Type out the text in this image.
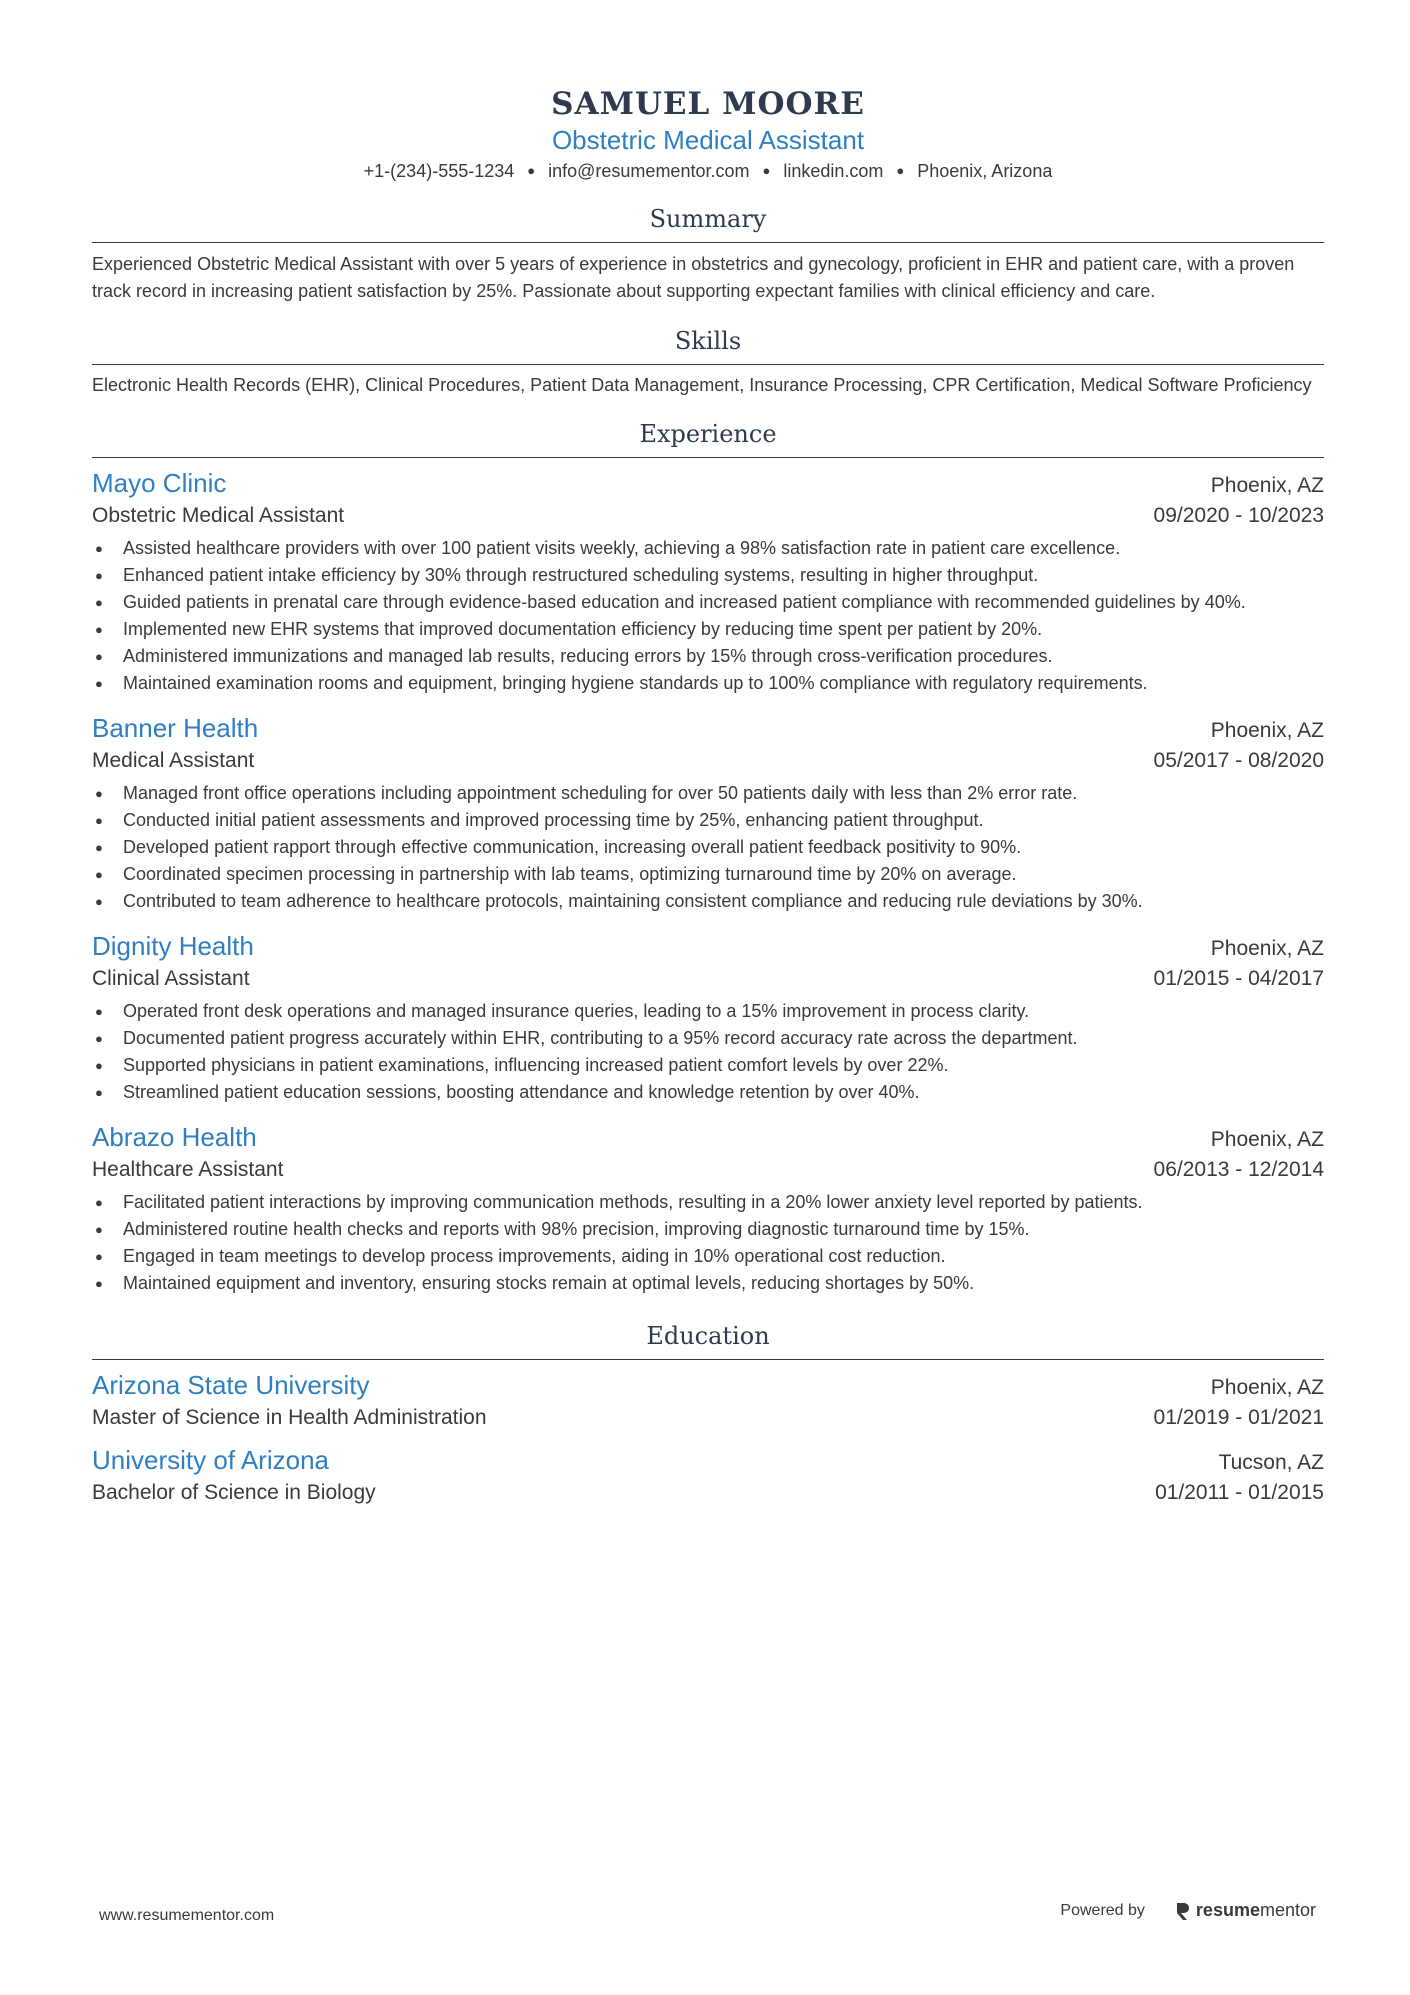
SAMUEL MOORE
Obstetric Medical Assistant
+1-(234)-555-1234 ● info@resumementor.com ● linkedin.com ● Phoenix, Arizona
Summary
Experienced Obstetric Medical Assistant with over 5 years of experience in obstetrics and gynecology, proficient in EHR and patient care, with a proven track record in increasing patient satisfaction by 25%. Passionate about supporting expectant families with clinical efficiency and care.
Skills
Electronic Health Records (EHR), Clinical Procedures, Patient Data Management, Insurance Processing, CPR Certification, Medical Software Proficiency
Experience
Mayo Clinic	Phoenix, AZ
Obstetric Medical Assistant	09/2020 - 10/2023
● Assisted healthcare providers with over 100 patient visits weekly, achieving a 98% satisfaction rate in patient care excellence.
● Enhanced patient intake efficiency by 30% through restructured scheduling systems, resulting in higher throughput.
● Guided patients in prenatal care through evidence-based education and increased patient compliance with recommended guidelines by 40%.
● Implemented new EHR systems that improved documentation efficiency by reducing time spent per patient by 20%.
● Administered immunizations and managed lab results, reducing errors by 15% through cross-verification procedures.
● Maintained examination rooms and equipment, bringing hygiene standards up to 100% compliance with regulatory requirements.
Banner Health	Phoenix, AZ
Medical Assistant	05/2017 - 08/2020
● Managed front office operations including appointment scheduling for over 50 patients daily with less than 2% error rate.
● Conducted initial patient assessments and improved processing time by 25%, enhancing patient throughput.
● Developed patient rapport through effective communication, increasing overall patient feedback positivity to 90%.
● Coordinated specimen processing in partnership with lab teams, optimizing turnaround time by 20% on average.
● Contributed to team adherence to healthcare protocols, maintaining consistent compliance and reducing rule deviations by 30%.
Dignity Health	Phoenix, AZ
Clinical Assistant	01/2015 - 04/2017
● Operated front desk operations and managed insurance queries, leading to a 15% improvement in process clarity.
● Documented patient progress accurately within EHR, contributing to a 95% record accuracy rate across the department.
● Supported physicians in patient examinations, influencing increased patient comfort levels by over 22%.
● Streamlined patient education sessions, boosting attendance and knowledge retention by over 40%.
Abrazo Health	Phoenix, AZ
Healthcare Assistant	06/2013 - 12/2014
● Facilitated patient interactions by improving communication methods, resulting in a 20% lower anxiety level reported by patients.
● Administered routine health checks and reports with 98% precision, improving diagnostic turnaround time by 15%.
● Engaged in team meetings to develop process improvements, aiding in 10% operational cost reduction.
● Maintained equipment and inventory, ensuring stocks remain at optimal levels, reducing shortages by 50%.
Education
Arizona State University	Phoenix, AZ
Master of Science in Health Administration	01/2019 - 01/2021
University of Arizona	Tucson, AZ
Bachelor of Science in Biology	01/2011 - 01/2015
www.resumementor.com	Powered by	resume mentor
